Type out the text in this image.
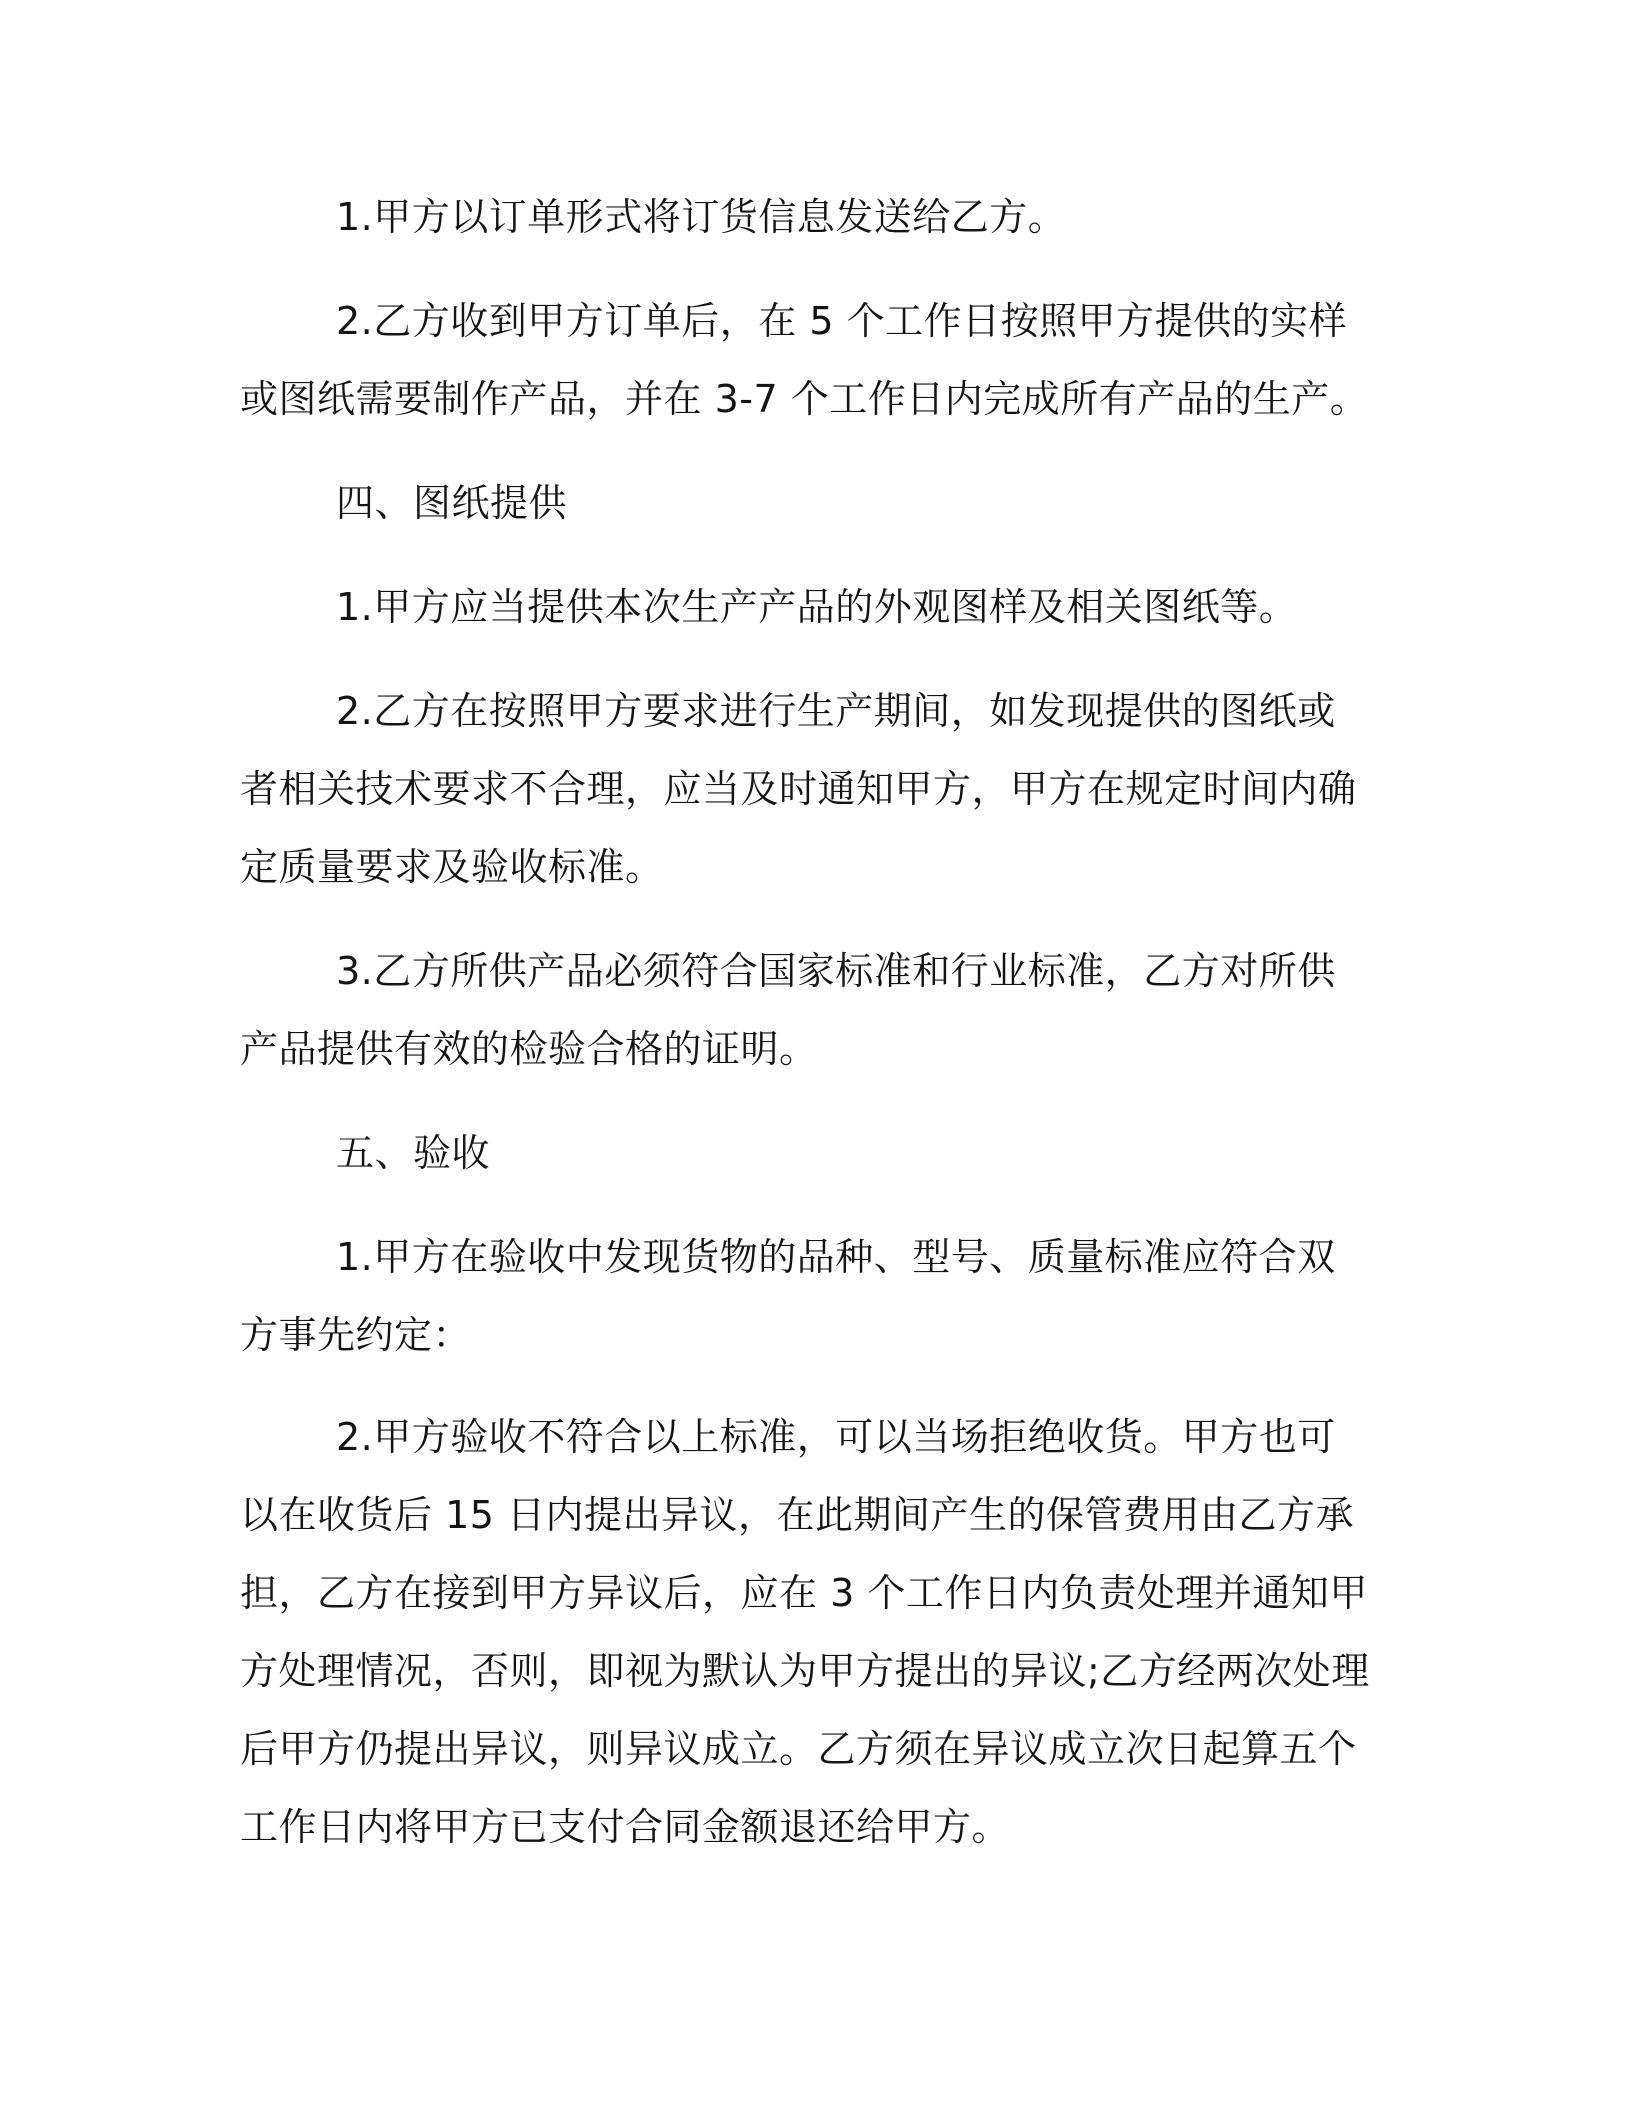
1.甲方以订单形式将订货信息发送给乙方。

2.乙方收到甲方订单后，在 5 个工作日按照甲方提供的实样或图纸需要制作产品，并在 3-7 个工作日内完成所有产品的生产。

四、图纸提供

1.甲方应当提供本次生产产品的外观图样及相关图纸等。

2.乙方在按照甲方要求进行生产期间，如发现提供的图纸或者相关技术要求不合理，应当及时通知甲方，甲方在规定时间内确定质量要求及验收标准。

3.乙方所供产品必须符合国家标准和行业标准，乙方对所供产品提供有效的检验合格的证明。

五、验收

1.甲方在验收中发现货物的品种、型号、质量标准应符合双方事先约定：

2.甲方验收不符合以上标准，可以当场拒绝收货。甲方也可以在收货后 15 日内提出异议，在此期间产生的保管费用由乙方承担，乙方在接到甲方异议后，应在 3 个工作日内负责处理并通知甲方处理情况，否则，即视为默认为甲方提出的异议;乙方经两次处理后甲方仍提出异议，则异议成立。乙方须在异议成立次日起算五个工作日内将甲方已支付合同金额退还给甲方。
